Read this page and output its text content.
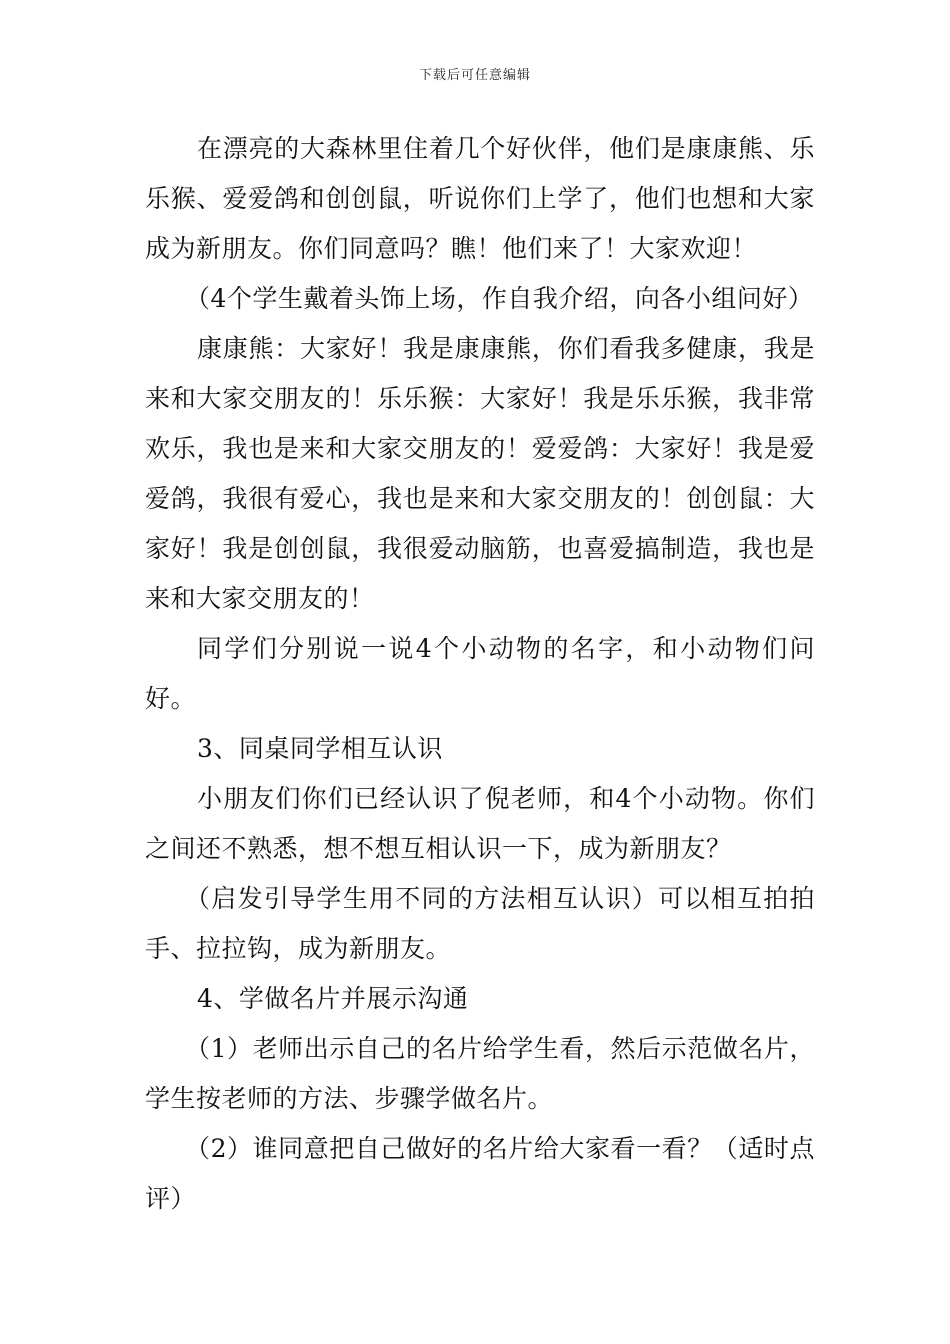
下载后可任意编辑

在漂亮的大森林里住着几个好伙伴，他们是康康熊、乐乐猴、爱爱鸽和创创鼠，听说你们上学了，他们也想和大家成为新朋友。你们同意吗？瞧！他们来了！大家欢迎！

（4个学生戴着头饰上场，作自我介绍，向各小组问好）

康康熊：大家好！我是康康熊，你们看我多健康，我是来和大家交朋友的！乐乐猴：大家好！我是乐乐猴，我非常欢乐，我也是来和大家交朋友的！爱爱鸽：大家好！我是爱爱鸽，我很有爱心，我也是来和大家交朋友的！创创鼠：大家好！我是创创鼠，我很爱动脑筋，也喜爱搞制造，我也是来和大家交朋友的！

同学们分别说一说4个小动物的名字，和小动物们问好。

3、同桌同学相互认识

小朋友们你们已经认识了倪老师，和4个小动物。你们之间还不熟悉，想不想互相认识一下，成为新朋友？

（启发引导学生用不同的方法相互认识）可以相互拍拍手、拉拉钩，成为新朋友。

4、学做名片并展示沟通

（1）老师出示自己的名片给学生看，然后示范做名片，学生按老师的方法、步骤学做名片。

（2）谁同意把自己做好的名片给大家看一看？（适时点评）
